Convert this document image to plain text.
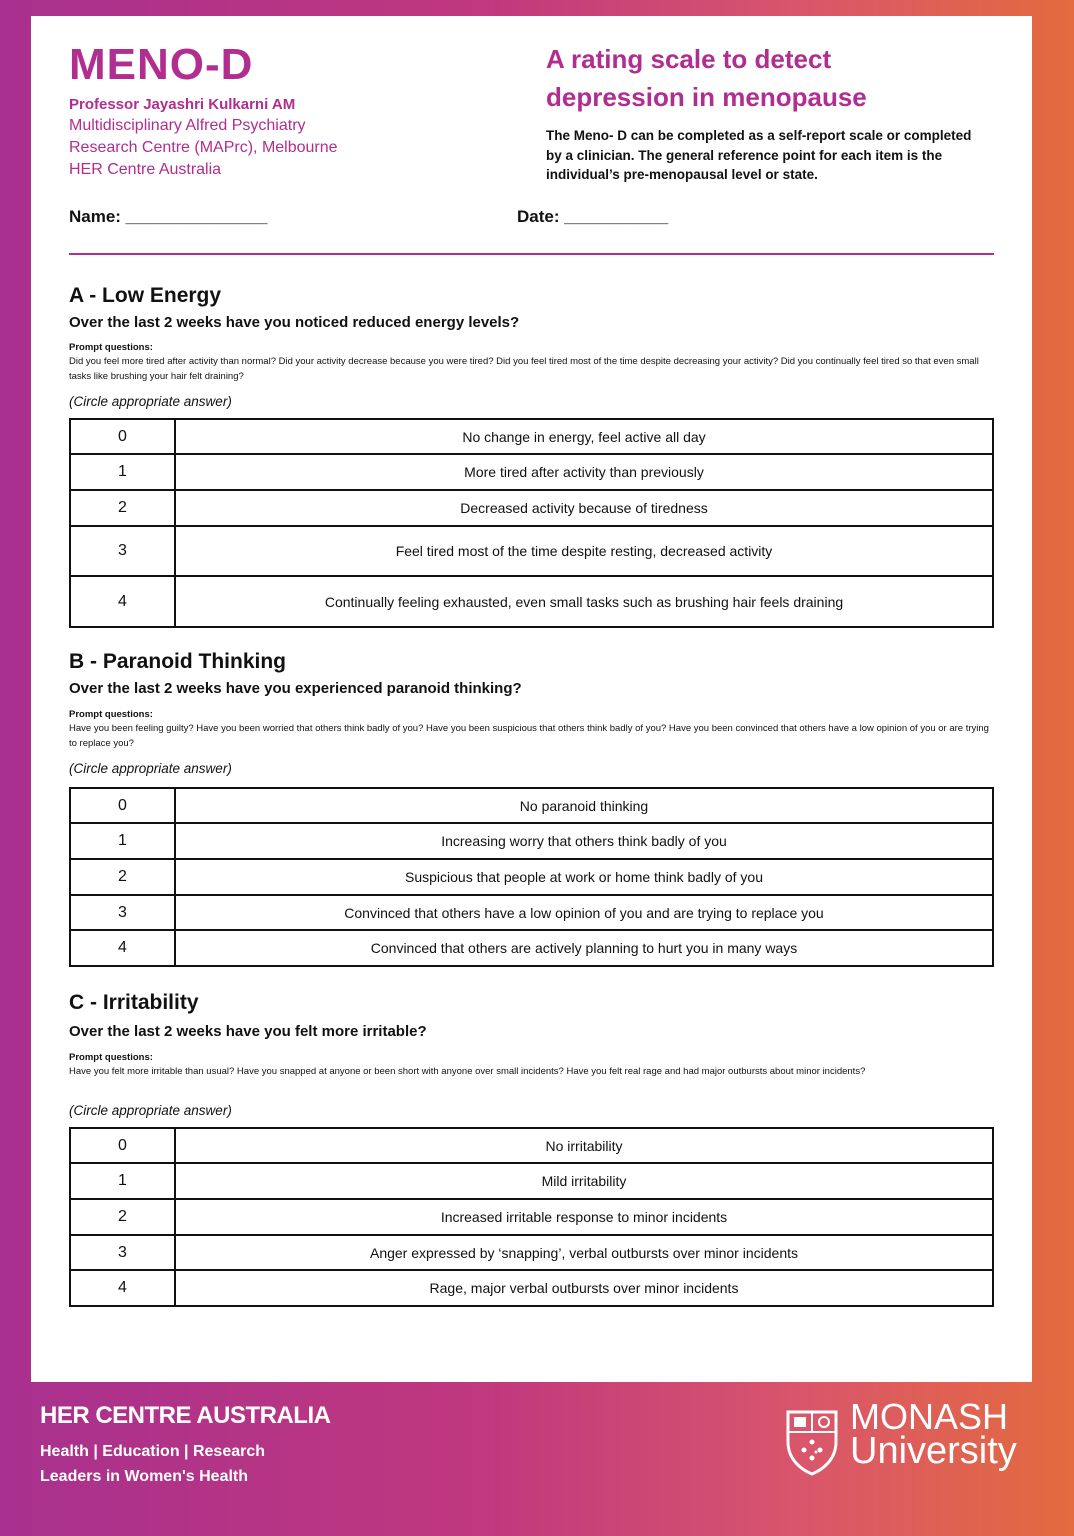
MENO-D
Professor Jayashri Kulkarni AM
Multidisciplinary Alfred Psychiatry
Research Centre (MAPrc), Melbourne
HER Centre Australia
A rating scale to detect
depression in menopause
The Meno- D can be completed as a self-report scale or completed by a clinician. The general reference point for each item is the individual’s pre-menopausal level or state.
Name: _______________	Date: ___________
A - Low Energy
Over the last 2 weeks have you noticed reduced energy levels?
Prompt questions:
Did you feel more tired after activity than normal? Did your activity decrease because you were tired? Did you feel tired most of the time despite decreasing your activity? Did you continually feel tired so that even small tasks like brushing your hair felt draining?
(Circle appropriate answer)
0	No change in energy, feel active all day
1	More tired after activity than previously
2	Decreased activity because of tiredness
3	Feel tired most of the time despite resting, decreased activity
4	Continually feeling exhausted, even small tasks such as brushing hair feels draining
B - Paranoid Thinking
Over the last 2 weeks have you experienced paranoid thinking?
Prompt questions:
Have you been feeling guilty? Have you been worried that others think badly of you? Have you been suspicious that others think badly of you? Have you been convinced that others have a low opinion of you or are trying to replace you?
(Circle appropriate answer)
0	No paranoid thinking
1	Increasing worry that others think badly of you
2	Suspicious that people at work or home think badly of you
3	Convinced that others have a low opinion of you and are trying to replace you
4	Convinced that others are actively planning to hurt you in many ways
C - Irritability
Over the last 2 weeks have you felt more irritable?
Prompt questions:
Have you felt more irritable than usual? Have you snapped at anyone or been short with anyone over small incidents? Have you felt real rage and had major outbursts about minor incidents?
(Circle appropriate answer)
0	No irritability
1	Mild irritability
2	Increased irritable response to minor incidents
3	Anger expressed by ‘snapping’, verbal outbursts over minor incidents
4	Rage, major verbal outbursts over minor incidents
HER CENTRE AUSTRALIA
Health | Education | Research
Leaders in Women's Health
MONASH
University
